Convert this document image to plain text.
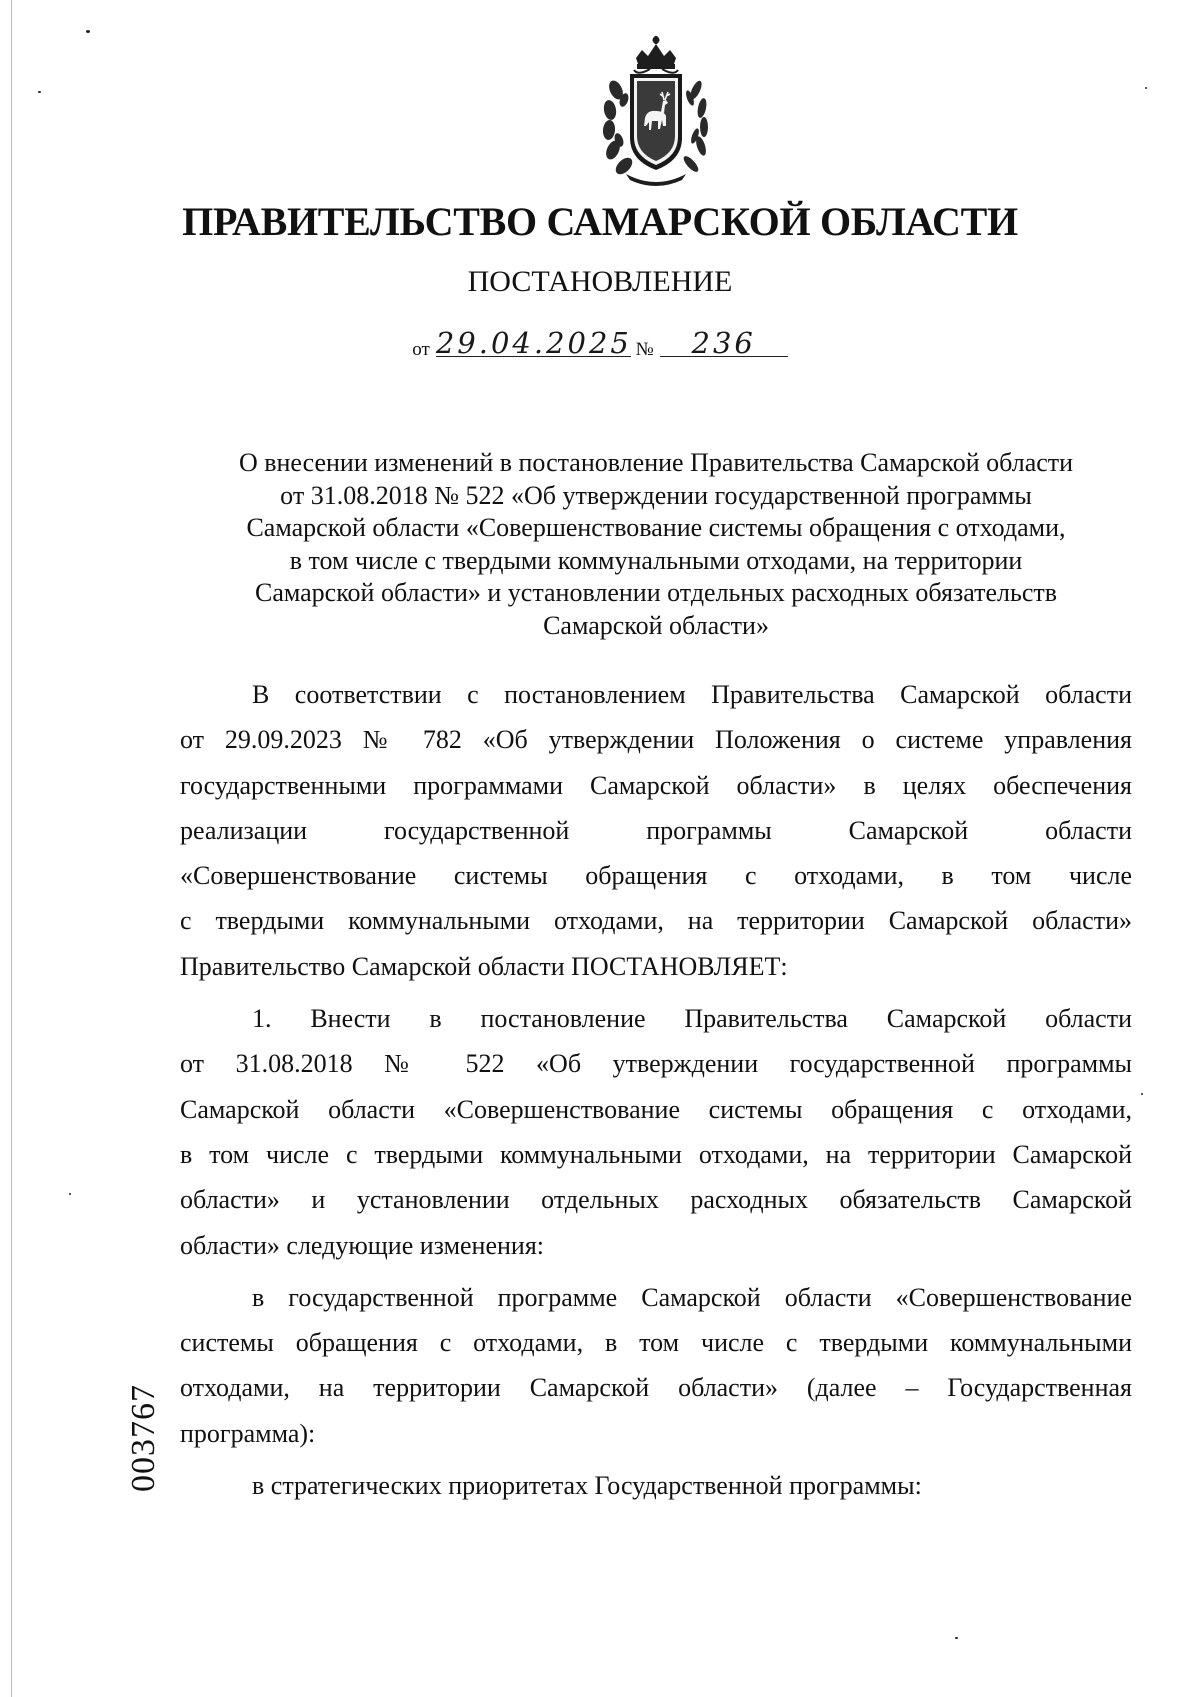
ПРАВИТЕЛЬСТВО САМАРСКОЙ ОБЛАСТИ
ПОСТАНОВЛЕНИЕ
от 29.04.2025 № 236
О внесении изменений в постановление Правительства Самарской области
от 31.08.2018 № 522 «Об утверждении государственной программы
Самарской области «Совершенствование системы обращения с отходами,
в том числе с твердыми коммунальными отходами, на территории
Самарской области» и установлении отдельных расходных обязательств
Самарской области»

В соответствии с постановлением Правительства Самарской области
от 29.09.2023 № 782 «Об утверждении Положения о системе управления
государственными программами Самарской области» в целях обеспечения
реализации государственной программы Самарской области
«Совершенствование системы обращения с отходами, в том числе
с твердыми коммунальными отходами, на территории Самарской области»
Правительство Самарской области ПОСТАНОВЛЯЕТ:

1. Внести в постановление Правительства Самарской области
от 31.08.2018 № 522 «Об утверждении государственной программы
Самарской области «Совершенствование системы обращения с отходами,
в том числе с твердыми коммунальными отходами, на территории Самарской
области» и установлении отдельных расходных обязательств Самарской
области» следующие изменения:

в государственной программе Самарской области «Совершенствование
системы обращения с отходами, в том числе с твердыми коммунальными
отходами, на территории Самарской области» (далее – Государственная
программа):

в стратегических приоритетах Государственной программы:

003767
